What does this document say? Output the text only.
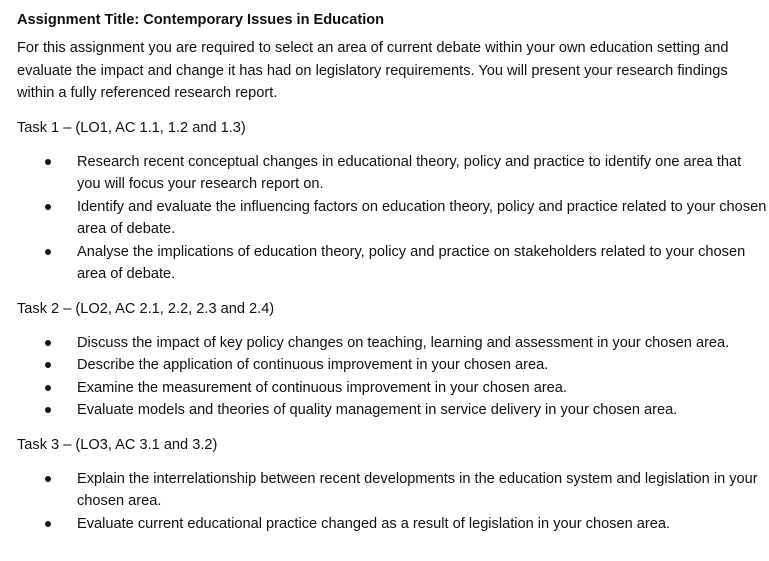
Assignment Title: Contemporary Issues in Education

For this assignment you are required to select an area of current debate within your own education setting and evaluate the impact and change it has had on legislatory requirements. You will present your research findings within a fully referenced research report.

Task 1 – (LO1, AC 1.1, 1.2 and 1.3)
Research recent conceptual changes in educational theory, policy and practice to identify one area that you will focus your research report on.
Identify and evaluate the influencing factors on education theory, policy and practice related to your chosen area of debate.
Analyse the implications of education theory, policy and practice on stakeholders related to your chosen area of debate.
Task 2 – (LO2, AC 2.1, 2.2, 2.3 and 2.4)
Discuss the impact of key policy changes on teaching, learning and assessment in your chosen area.
Describe the application of continuous improvement in your chosen area.
Examine the measurement of continuous improvement in your chosen area.
Evaluate models and theories of quality management in service delivery in your chosen area.
Task 3 – (LO3, AC 3.1 and 3.2)
Explain the interrelationship between recent developments in the education system and legislation in your chosen area.
Evaluate current educational practice changed as a result of legislation in your chosen area.
